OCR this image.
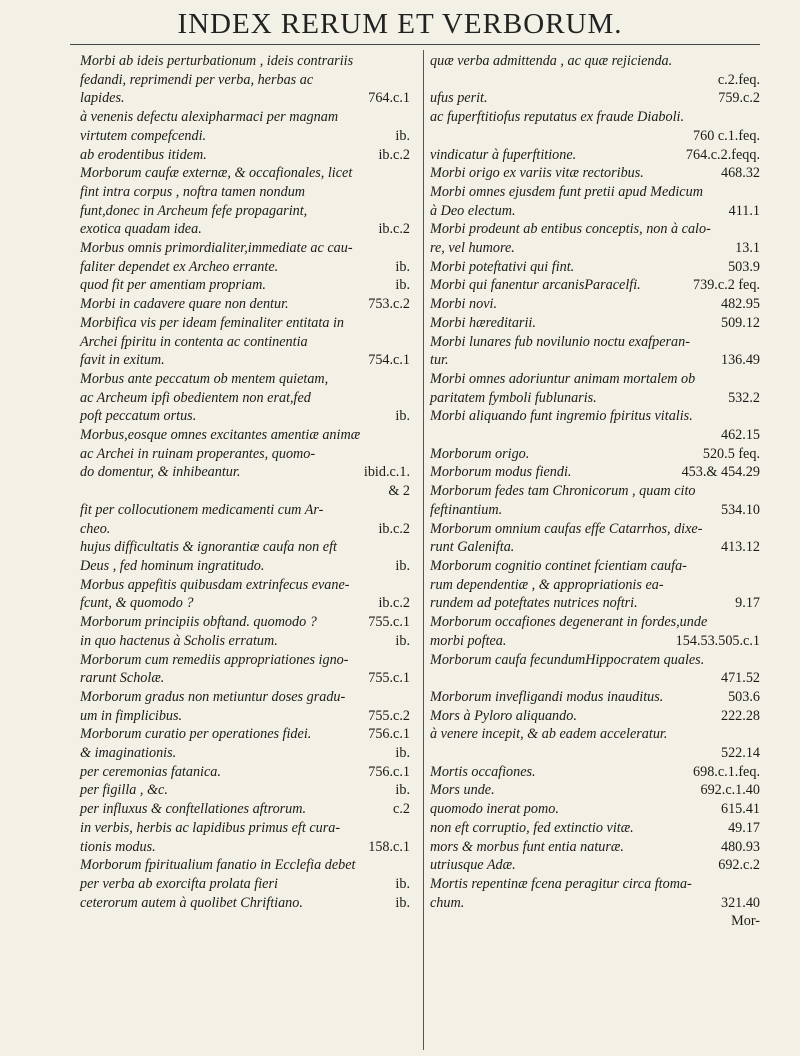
INDEX RERUM ET VERBORUM.
Morbi ab ideis perturbationum , ideis contrariis
fedandi, reprimendi per verba, herbas ac
764.c.1
lapides.
à venenis defectu alexipharmaci per magnam
ib.
virtutem compefcendi.
ib.c.2
ab erodentibus itidem.
Morborum caufæ externæ, & occafionales, licet
fint intra corpus , noftra tamen nondum
funt,donec in Archeum fefe propagarint,
ib.c.2
exotica quadam idea.
Morbus omnis primordialiter,immediate ac cau-
ib.
faliter dependet ex Archeo errante.
ib.
quod fit per amentiam propriam.
753.c.2
Morbi in cadavere quare non dentur.
Morbifica vis per ideam feminaliter entitata in
Archei fpiritu in contenta ac continentia
754.c.1
favit in exitum.
Morbus ante peccatum ob mentem quietam,
ac Archeum ipfi obedientem non erat,fed
ib.
poft peccatum ortus.
Morbus,eosque omnes excitantes amentiæ animæ
ac Archei in ruinam properantes, quomo-
ibid.c.1.
do domentur, & inhibeantur.
& 2

fit per collocutionem medicamenti cum Ar-
ib.c.2
cheo.
hujus difficultatis & ignorantiæ caufa non eft
ib.
Deus , fed hominum ingratitudo.
Morbus appefitis quibusdam extrinfecus evane-
ib.c.2
fcunt, & quomodo ?
755.c.1
Morborum principiis obftand. quomodo ?
ib.
in quo hactenus à Scholis erratum.
Morborum cum remediis appropriationes igno-
755.c.1
rarunt Scholæ.
Morborum gradus non metiuntur doses gradu-
755.c.2
um in fimplicibus.
756.c.1
Morborum curatio per operationes fidei.
ib.
& imaginationis.
756.c.1
per ceremonias fatanica.
ib.
per figilla , &c.
c.2
per influxus & conftellationes aftrorum.
in verbis, herbis ac lapidibus primus eft cura-
158.c.1
tionis modus.
Morborum fpiritualium fanatio in Ecclefia debet
ib.
per verba ab exorcifta prolata fieri
ib.
ceterorum autem à quolibet Chriftiano.
quæ verba admittenda , ac quæ rejicienda.
c.2.feq.

759.c.2
ufus perit.
ac fuperftitiofus reputatus ex fraude Diaboli.
760 c.1.feq.

764.c.2.feqq.
vindicatur à fuperftitione.
468.32
Morbi origo ex variis vitæ rectoribus.
Morbi omnes ejusdem funt pretii apud Medicum
411.1
à Deo electum.
Morbi prodeunt ab entibus conceptis, non à calo-
13.1
re, vel humore.
503.9
Morbi poteftativi qui fint.
739.c.2 feq.
Morbi qui fanentur arcanisParacelfi.
482.95
Morbi novi.
509.12
Morbi hæreditarii.
Morbi lunares fub novilunio noctu exafperan-
136.49
tur.
Morbi omnes adoriuntur animam mortalem ob
532.2
paritatem fymboli fublunaris.
Morbi aliquando funt ingremio fpiritus vitalis.
462.15

520.5 feq.
Morborum origo.
453.& 454.29
Morborum modus fiendi.
Morborum fedes tam Chronicorum , quam cito
534.10
feftinantium.
Morborum omnium caufas effe Catarrhos, dixe-
413.12
runt Galenifta.
Morborum cognitio continet fcientiam caufa-
rum dependentiæ , & appropriationis ea-
9.17
rundem ad poteftates nutrices noftri.
Morborum occafiones degenerant in fordes,unde
154.53.505.c.1
morbi poftea.
Morborum caufa fecundumHippocratem quales.
471.52

503.6
Morborum invefligandi modus inauditus.
222.28
Mors à Pyloro aliquando.
à venere incepit, & ab eadem acceleratur.
522.14

698.c.1.feq.
Mortis occafiones.
692.c.1.40
Mors unde.
615.41
quomodo inerat pomo.
49.17
non eft corruptio, fed extinctio vitæ.
480.93
mors & morbus funt entia naturæ.
692.c.2
utriusque Adæ.
Mortis repentinæ fcena peragitur circa ftoma-
321.40
chum.
Mor-
